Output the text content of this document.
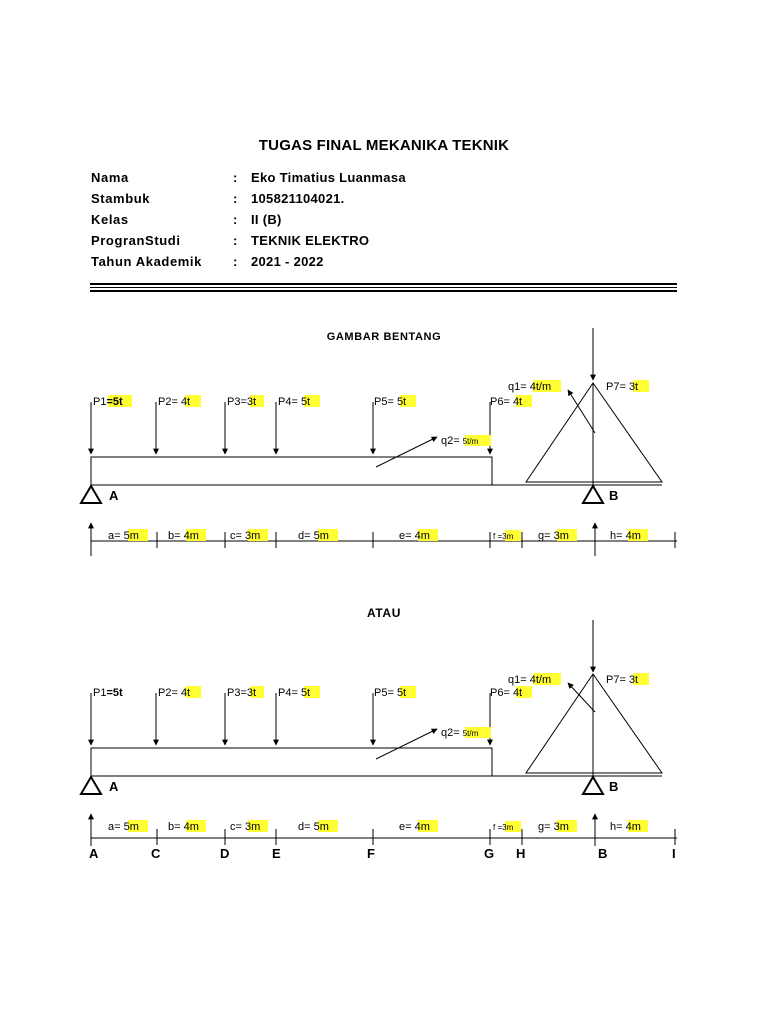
TUGAS FINAL MEKANIKA TEKNIK
Nama	: Eko Timatius Luanmasa
Stambuk	: 105821104021.
Kelas	: II (B)
ProgranStudi	: TEKNIK ELEKTRO
Tahun Akademik	: 2021 - 2022
GAMBAR BENTANG
ATAU
P1=5t	P2= 4t	P3=3t P4= 5t	P5= 5t	P6= 4t
q1= 4t/m	P7= 3t
q2= 5t/m
A	B
a= 5m	b= 4m	c= 3m	d= 5m	e= 4m	f =3m g= 3m	h= 4m
P1=5t	P2= 4t	P3=3t P4= 5t	P5= 5t	P6= 4t
q1= 4t/m	P7= 3t
q2= 5t/m
A	B
a= 5m	b= 4m	c= 3m	d= 5m	e= 4m	f =3m g= 3m	h= 4m
A	C	D	E	F	G H	B	I
